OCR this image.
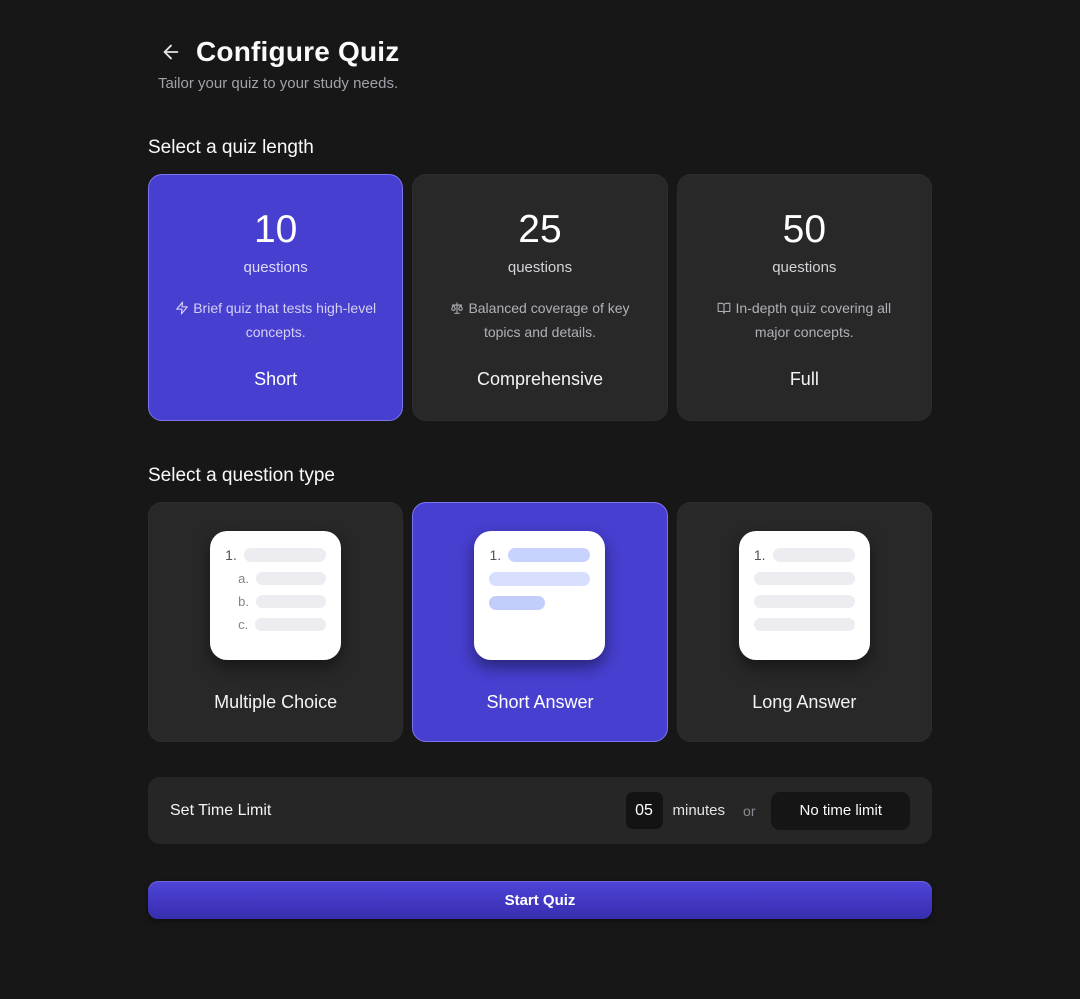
Configure Quiz

Tailor your quiz to your study needs.

Select a quiz length
10
questions
Brief quiz that tests high-level concepts.
Short
25
questions
Balanced coverage of key topics and details.
Comprehensive
50
questions
In-depth quiz covering all major concepts.
Full
Select a question type
1.
a.
b.
c.
Multiple Choice
1.
Short Answer
1.
Long Answer
Set Time Limit
05	minutes or	No time limit
Start Quiz
